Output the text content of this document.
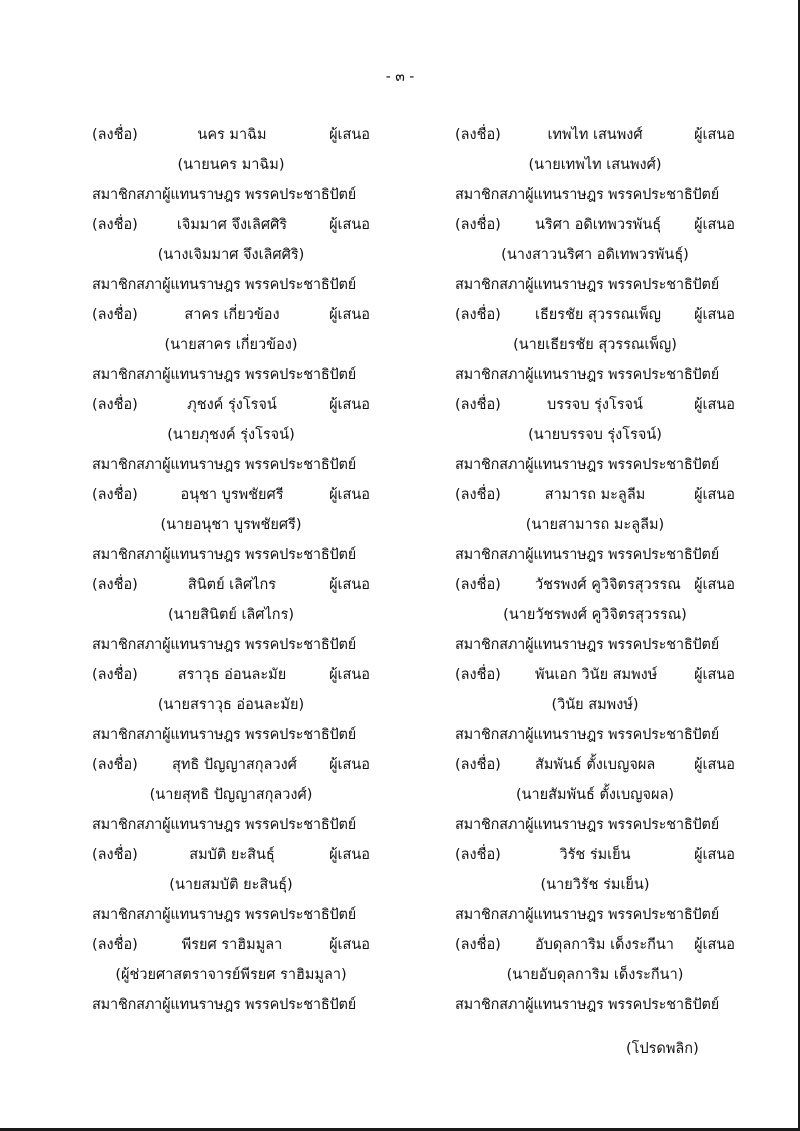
- ๓ -
(ลงชื่อ)	นคร มาฉิม	ผู้เสนอ
(นายนคร มาฉิม)
สมาชิกสภาผู้แทนราษฎร พรรคประชาธิปัตย์
(ลงชื่อ)	เจิมมาศ จึงเลิศศิริ	ผู้เสนอ
(นางเจิมมาศ จึงเลิศศิริ)
สมาชิกสภาผู้แทนราษฎร พรรคประชาธิปัตย์
(ลงชื่อ)	สาคร เกี่ยวข้อง	ผู้เสนอ
(นายสาคร เกี่ยวข้อง)
สมาชิกสภาผู้แทนราษฎร พรรคประชาธิปัตย์
(ลงชื่อ)	ภุชงค์ รุ่งโรจน์	ผู้เสนอ
(นายภุชงค์ รุ่งโรจน์)
สมาชิกสภาผู้แทนราษฎร พรรคประชาธิปัตย์
(ลงชื่อ)	อนุชา บูรพชัยศรี	ผู้เสนอ
(นายอนุชา บูรพชัยศรี)
สมาชิกสภาผู้แทนราษฎร พรรคประชาธิปัตย์
(ลงชื่อ)	สินิตย์ เลิศไกร	ผู้เสนอ
(นายสินิตย์ เลิศไกร)
สมาชิกสภาผู้แทนราษฎร พรรคประชาธิปัตย์
(ลงชื่อ)	สราวุธ อ่อนละมัย	ผู้เสนอ
(นายสราวุธ อ่อนละมัย)
สมาชิกสภาผู้แทนราษฎร พรรคประชาธิปัตย์
(ลงชื่อ) สุทธิ ปัญญาสกุลวงศ์ ผู้เสนอ
(นายสุทธิ ปัญญาสกุลวงศ์)
สมาชิกสภาผู้แทนราษฎร พรรคประชาธิปัตย์
(ลงชื่อ)	สมบัติ ยะสินธุ์	ผู้เสนอ
(นายสมบัติ ยะสินธุ์)
สมาชิกสภาผู้แทนราษฎร พรรคประชาธิปัตย์
(ลงชื่อ)	พีรยศ ราฮิมมูลา	ผู้เสนอ
(ผู้ช่วยศาสตราจารย์พีรยศ ราฮิมมูลา)
สมาชิกสภาผู้แทนราษฎร พรรคประชาธิปัตย์
(ลงชื่อ)	เทพไท เสนพงศ์	ผู้เสนอ
(นายเทพไท เสนพงศ์)
สมาชิกสภาผู้แทนราษฎร พรรคประชาธิปัตย์
(ลงชื่อ) นริศา อดิเทพวรพันธุ์ ผู้เสนอ
(นางสาวนริศา อดิเทพวรพันธุ์)
สมาชิกสภาผู้แทนราษฎร พรรคประชาธิปัตย์
(ลงชื่อ) เธียรชัย สุวรรณเพ็ญ ผู้เสนอ
(นายเธียรชัย สุวรรณเพ็ญ)
สมาชิกสภาผู้แทนราษฎร พรรคประชาธิปัตย์
(ลงชื่อ)	บรรจบ รุ่งโรจน์	ผู้เสนอ
(นายบรรจบ รุ่งโรจน์)
สมาชิกสภาผู้แทนราษฎร พรรคประชาธิปัตย์
(ลงชื่อ)	สามารถ มะลูลีม	ผู้เสนอ
(นายสามารถ มะลูลีม)
สมาชิกสภาผู้แทนราษฎร พรรคประชาธิปัตย์
(ลงชื่อ) วัชรพงศ์ คูวิจิตรสุวรรณ ผู้เสนอ
(นายวัชรพงศ์ คูวิจิตรสุวรรณ)
สมาชิกสภาผู้แทนราษฎร พรรคประชาธิปัตย์
(ลงชื่อ) พันเอก วินัย สมพงษ์	ผู้เสนอ
(วินัย สมพงษ์)
สมาชิกสภาผู้แทนราษฎร พรรคประชาธิปัตย์
(ลงชื่อ) สัมพันธ์ ตั้งเบญจผล	ผู้เสนอ
(นายสัมพันธ์ ตั้งเบญจผล)
สมาชิกสภาผู้แทนราษฎร พรรคประชาธิปัตย์
(ลงชื่อ)	วิรัช ร่มเย็น	ผู้เสนอ
(นายวิรัช ร่มเย็น)
สมาชิกสภาผู้แทนราษฎร พรรคประชาธิปัตย์
(ลงชื่อ) อับดุลการิม เด็งระกีนา ผู้เสนอ
(นายอับดุลการิม เด็งระกีนา)
สมาชิกสภาผู้แทนราษฎร พรรคประชาธิปัตย์
(โปรดพลิก)
